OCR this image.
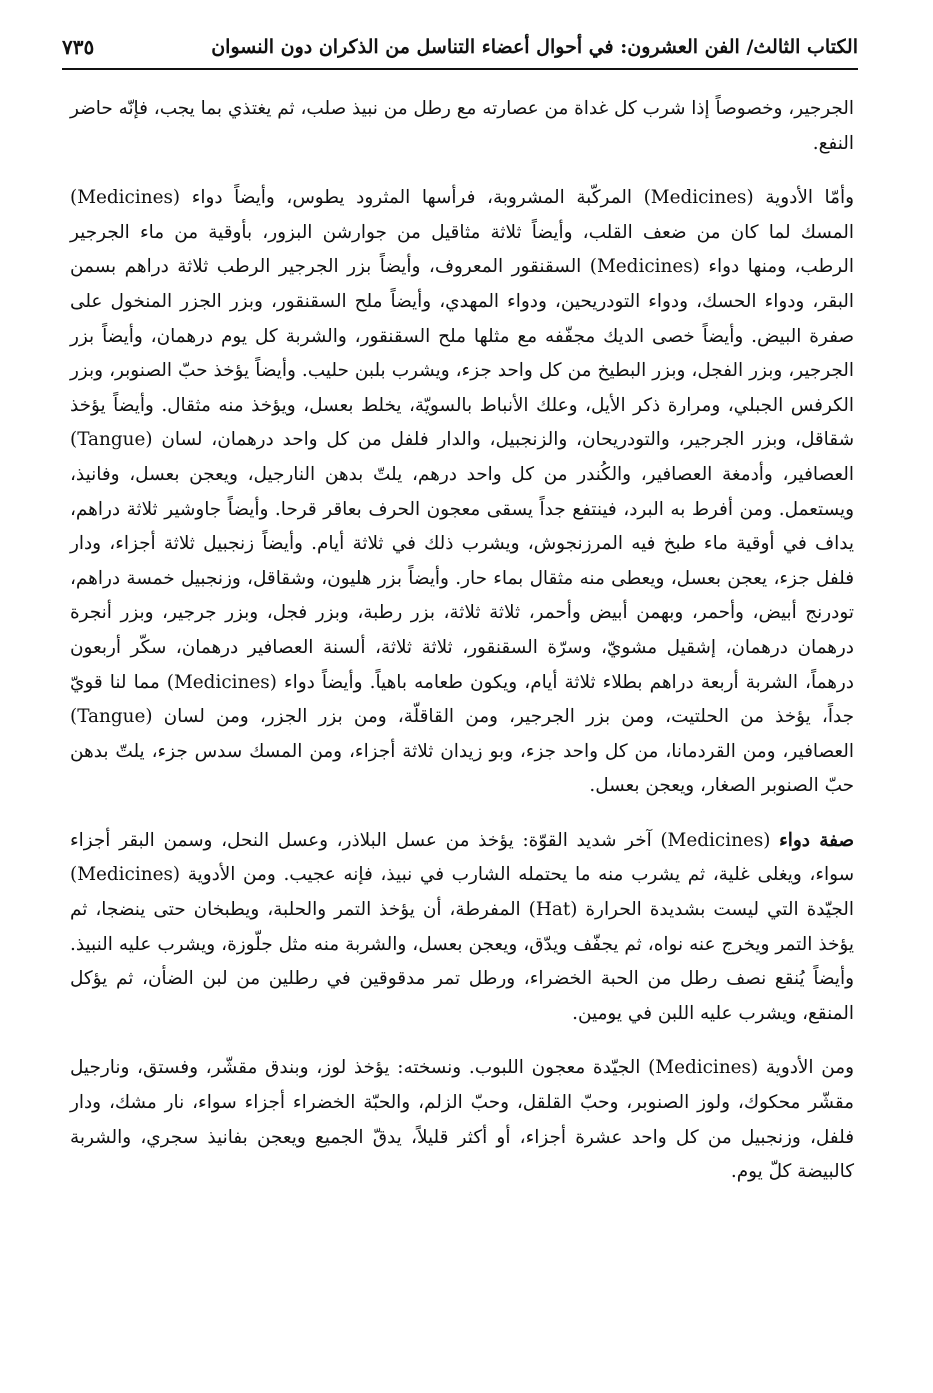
الكتاب الثالث/ الفن العشرون: في أحوال أعضاء التناسل من الذكران دون النسوان
٧٣٥

الجرجير، وخصوصاً إذا شرب كل غداة من عصارته مع رطل من نبيذ صلب، ثم يغتذي بما يجب، فإنّه حاضر النفع.

وأمّا الأدوية (Medicines) المركّبة المشروبة، فرأسها المثرود يطوس، وأيضاً دواء (Medicines) المسك لما كان من ضعف القلب، وأيضاً ثلاثة مثاقيل من جوارشن البزور، بأوقية من ماء الجرجير الرطب، ومنها دواء (Medicines) السقنقور المعروف، وأيضاً بزر الجرجير الرطب ثلاثة دراهم بسمن البقر، ودواء الحسك، ودواء التودريحين، ودواء المهدي، وأيضاً ملح السقنقور، وبزر الجزر المنخول على صفرة البيض. وأيضاً خصى الديك مجفّفه مع مثلها ملح السقنقور، والشربة كل يوم درهمان، وأيضاً بزر الجرجير، وبزر الفجل، وبزر البطيخ من كل واحد جزء، ويشرب بلبن حليب. وأيضاً يؤخذ حبّ الصنوبر، وبزر الكرفس الجبلي، ومرارة ذكر الأيل، وعلك الأنباط بالسويّة، يخلط بعسل، ويؤخذ منه مثقال. وأيضاً يؤخذ شقاقل، وبزر الجرجير، والتودريحان، والزنجبيل، والدار فلفل من كل واحد درهمان، لسان (Tangue) العصافير، وأدمغة العصافير، والكُندر من كل واحد درهم، يلتّ بدهن النارجيل، ويعجن بعسل، وفانيذ، ويستعمل. ومن أفرط به البرد، فينتفع جداً يسقى معجون الحرف بعاقر قرحا. وأيضاً جاوشير ثلاثة دراهم، يداف في أوقية ماء طبخ فيه المرزنجوش، ويشرب ذلك في ثلاثة أيام. وأيضاً زنجبيل ثلاثة أجزاء، ودار فلفل جزء، يعجن بعسل، ويعطى منه مثقال بماء حار. وأيضاً بزر هليون، وشقاقل، وزنجبيل خمسة دراهم، تودرنج أبيض، وأحمر، وبهمن أبيض وأحمر، ثلاثة ثلاثة، بزر رطبة، وبزر فجل، وبزر جرجير، وبزر أنجرة درهمان درهمان، إشقيل مشويّ، وسرّة السقنقور، ثلاثة ثلاثة، ألسنة العصافير درهمان، سكّر أربعون درهماً، الشربة أربعة دراهم بطلاء ثلاثة أيام، ويكون طعامه باهياً. وأيضاً دواء (Medicines) مما لنا قويّ جداً، يؤخذ من الحلتيت، ومن بزر الجرجير، ومن القاقلّة، ومن بزر الجزر، ومن لسان (Tangue) العصافير، ومن القردمانا، من كل واحد جزء، وبو زيدان ثلاثة أجزاء، ومن المسك سدس جزء، يلتّ بدهن حبّ الصنوبر الصغار، ويعجن بعسل.

صفة دواء (Medicines) آخر شديد القوّة: يؤخذ من عسل البلاذر، وعسل النحل، وسمن البقر أجزاء سواء، ويغلى غلية، ثم يشرب منه ما يحتمله الشارب في نبيذ، فإنه عجيب. ومن الأدوية (Medicines) الجيّدة التي ليست بشديدة الحرارة (Hat) المفرطة، أن يؤخذ التمر والحلبة، ويطبخان حتى ينضجا، ثم يؤخذ التمر ويخرج عنه نواه، ثم يجفّف ويدّق، ويعجن بعسل، والشربة منه مثل جلّوزة، ويشرب عليه النبيذ. وأيضاً يُنقع نصف رطل من الحبة الخضراء، ورطل تمر مدقوقين في رطلين من لبن الضأن، ثم يؤكل المنقع، ويشرب عليه اللبن في يومين.

ومن الأدوية (Medicines) الجيّدة معجون اللبوب. ونسخته: يؤخذ لوز، وبندق مقشّر، وفستق، ونارجيل مقشّر محكوك، ولوز الصنوبر، وحبّ القلقل، وحبّ الزلم، والحبّة الخضراء أجزاء سواء، نار مشك، ودار فلفل، وزنجبيل من كل واحد عشرة أجزاء، أو أكثر قليلاً، يدقّ الجميع ويعجن بفانيذ سجري، والشربة كالبيضة كلّ يوم.
